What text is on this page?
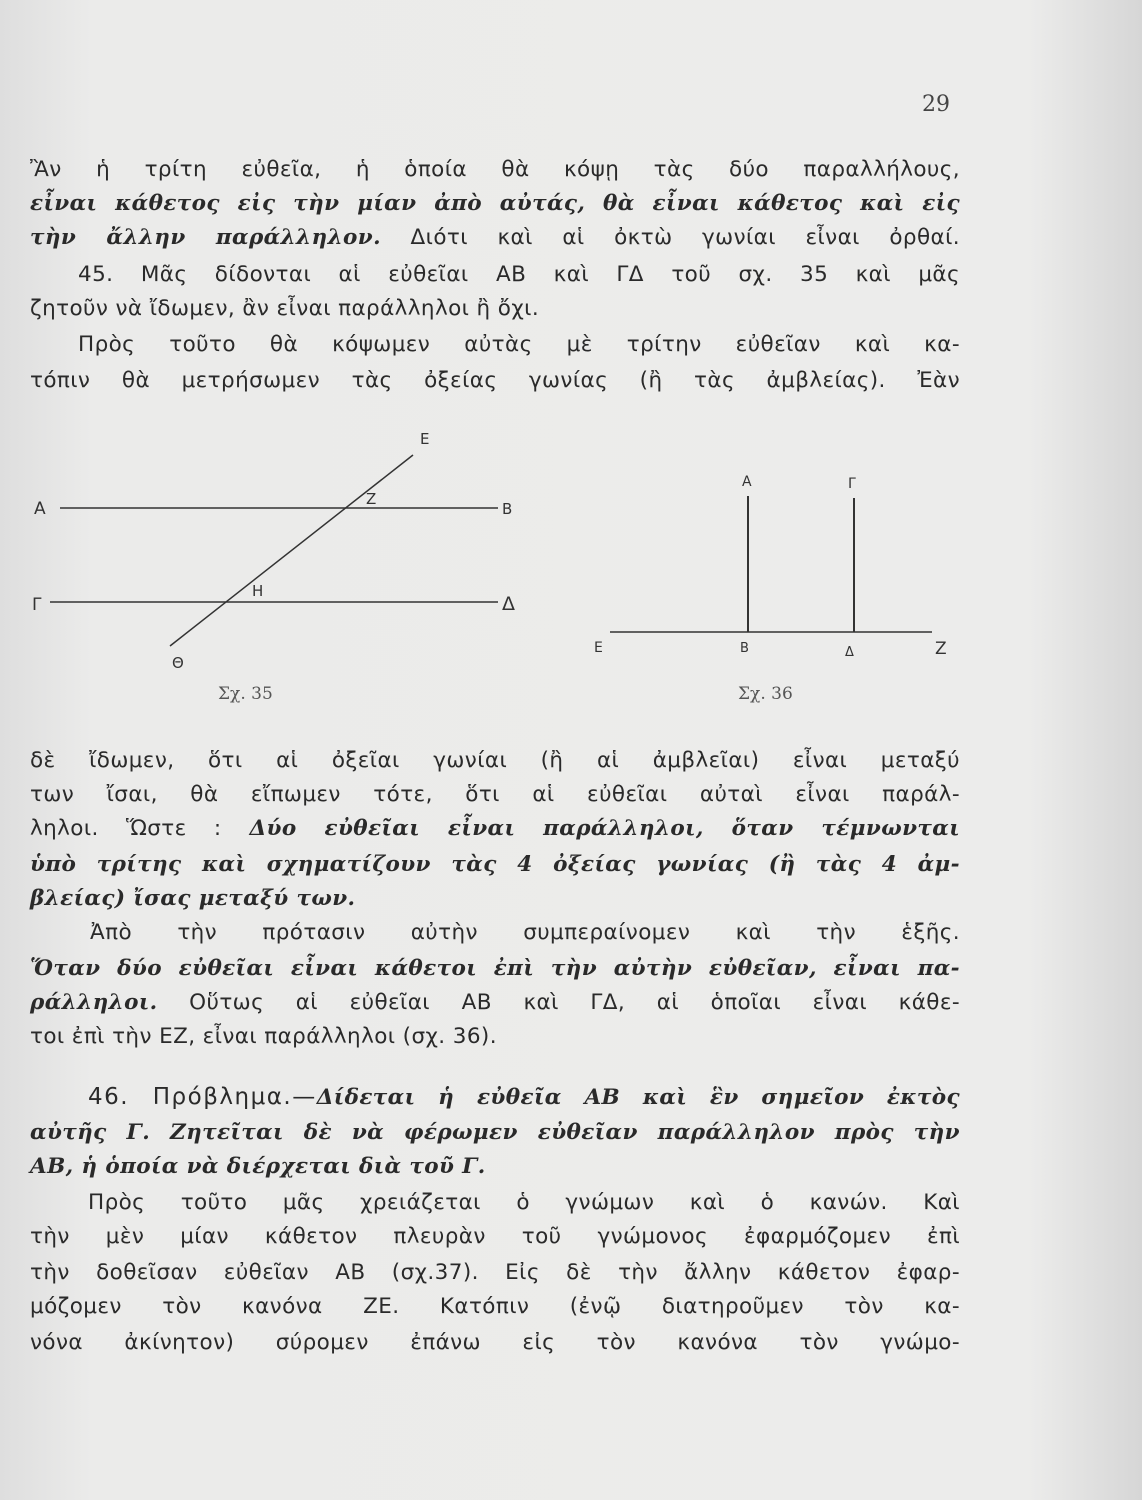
29
Ἂν ἡ τρίτη εὐθεῖα, ἡ ὁποία θὰ κόψῃ τὰς δύο παραλλήλους,
εἶναι κάθετος εἰς τὴν μίαν ἀπὸ αὐτάς, θὰ εἶναι κάθετος καὶ εἰς
τὴν ἄλλην παράλληλον. Διότι καὶ αἱ ὀκτὼ γωνίαι εἶναι ὀρθαί.
45. Μᾶς δίδονται αἱ εὐθεῖαι ΑΒ καὶ ΓΔ τοῦ σχ. 35 καὶ μᾶς
ζητοῦν νὰ ἴδωμεν, ἂν εἶναι παράλληλοι ἢ ὄχι.
Πρὸς τοῦτο θὰ κόψωμεν αὐτὰς μὲ τρίτην εὐθεῖαν καὶ κα-
τόπιν θὰ μετρήσωμεν τὰς ὀξείας γωνίας (ἢ τὰς ἀμβλείας). Ἐὰν
Α	Β
Γ	Δ
Ε
Ζ
Η
Θ
Σχ. 35
Α	Γ
Ε	Β	Δ	Ζ
Σχ. 36
δὲ ἴδωμεν, ὅτι αἱ ὀξεῖαι γωνίαι (ἢ αἱ ἀμβλεῖαι) εἶναι μεταξύ
των ἴσαι, θὰ εἴπωμεν τότε, ὅτι αἱ εὐθεῖαι αὐταὶ εἶναι παράλ-
ληλοι. Ὥστε : Δύο εὐθεῖαι εἶναι παράλληλοι, ὅταν τέμνωνται
ὑπὸ τρίτης καὶ σχηματίζουν τὰς 4 ὀξείας γωνίας (ἢ τὰς 4 ἀμ-
βλείας) ἴσας μεταξύ των.
Ἀπὸ τὴν πρότασιν αὐτὴν συμπεραίνομεν καὶ τὴν ἑξῆς.
Ὅταν δύο εὐθεῖαι εἶναι κάθετοι ἐπὶ τὴν αὐτὴν εὐθεῖαν, εἶναι πα-
ράλληλοι. Οὕτως αἱ εὐθεῖαι ΑΒ καὶ ΓΔ, αἱ ὁποῖαι εἶναι κάθε-
τοι ἐπὶ τὴν ΕΖ, εἶναι παράλληλοι (σχ. 36).
46. Πρόβλημα.—Δίδεται ἡ εὐθεῖα ΑΒ καὶ ἓν σημεῖον ἐκτὸς
αὐτῆς Γ. Ζητεῖται δὲ νὰ φέρωμεν εὐθεῖαν παράλληλον πρὸς τὴν
ΑΒ, ἡ ὁποία νὰ διέρχεται διὰ τοῦ Γ.
Πρὸς τοῦτο μᾶς χρειάζεται ὁ γνώμων καὶ ὁ κανών. Καὶ
τὴν μὲν μίαν κάθετον πλευρὰν τοῦ γνώμονος ἐφαρμόζομεν ἐπὶ
τὴν δοθεῖσαν εὐθεῖαν ΑΒ (σχ.37). Εἰς δὲ τὴν ἄλλην κάθετον ἐφαρ-
μόζομεν τὸν κανόνα ΖΕ. Κατόπιν (ἐνῷ διατηροῦμεν τὸν κα-
νόνα ἀκίνητον) σύρομεν ἐπάνω εἰς τὸν κανόνα τὸν γνώμο-
